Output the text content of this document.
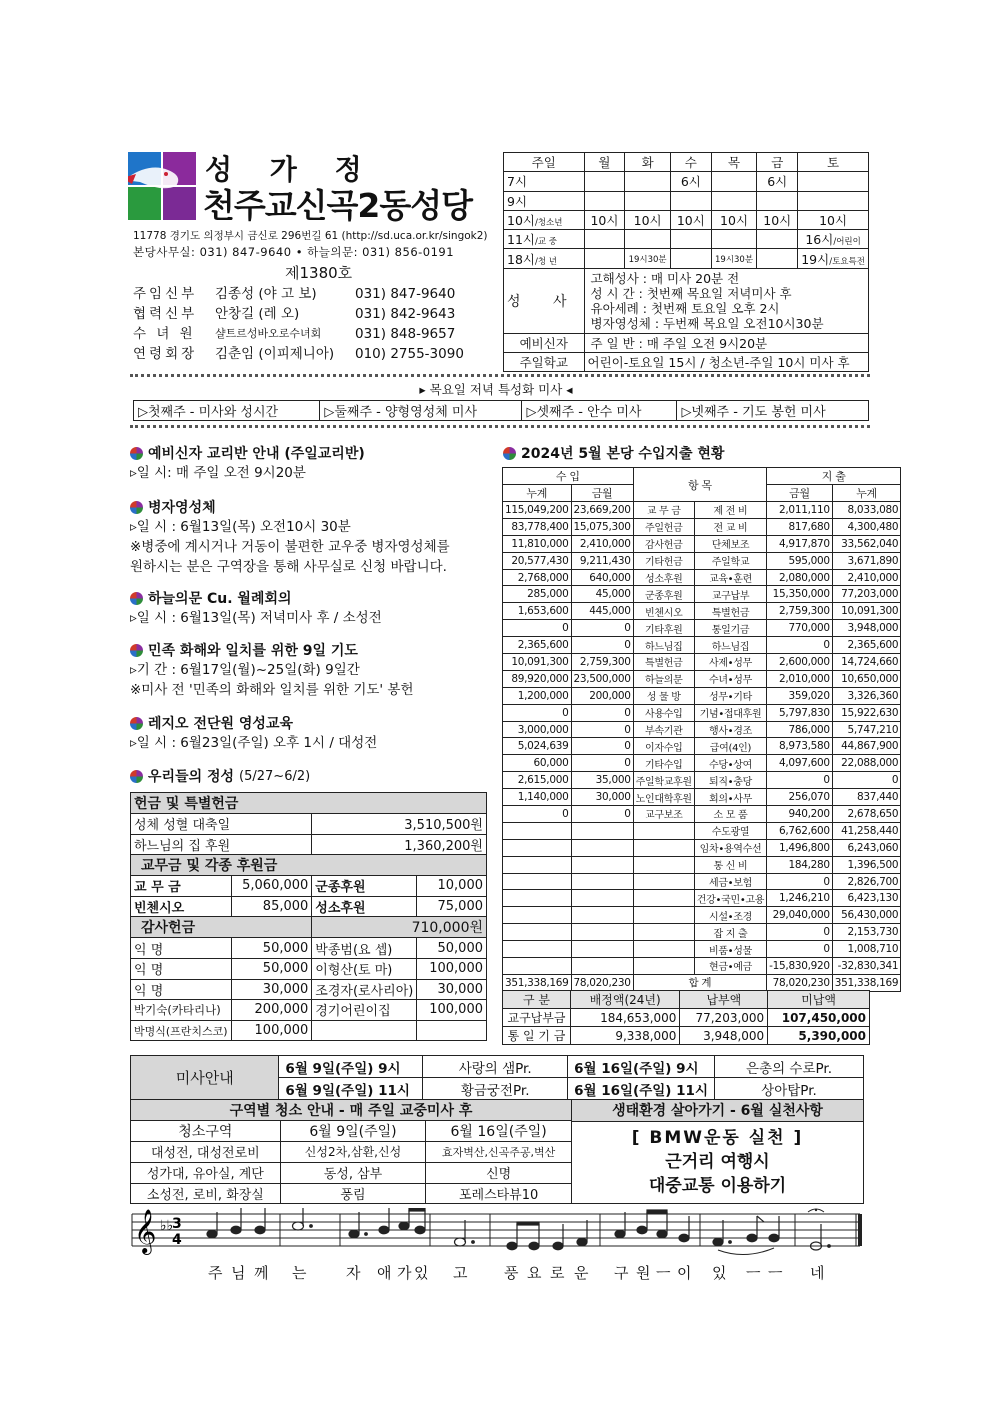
성 가 정
천주교신곡2동성당
11778 경기도 의정부시 금신로 296번길 61 (http://sd.uca.or.kr/singok2)
본당사무실: 031) 847-9640 • 하늘의문: 031) 856-0191
제1380호
주임신부	김종성 (야 고 보)	031) 847-9640
협력신부	안창길 (레 오)	031) 842-9643
수 녀 원	샬트르성바오로수녀회	031) 848-9657
연령회장	김춘임 (이피제니아)	010) 2755-3090
주일	월	화	수	목	금	토
7시			6시		6시	
9시						
10시/청소년	10시	10시	10시	10시	10시	10시
11시/교 중						16시/어린이
18시/청 년		19시30분		19시30분		19시/토요특전
성 사	고해성사 : 매 미사 20분 전
성 시 간 : 첫번째 목요일 저녁미사 후
유아세례 : 첫번째 토요일 오후 2시
병자영성체 : 두번째 목요일 오전10시30분					

예비신자	주 일 반 : 매 주일 오전 9시20분					
주일학교	어린이-토요일 15시 / 청소년-주일 10시 미사 후					
▸ 목요일 저녁 특성화 미사 ◂
▷첫째주 - 미사와 성시간	▷둘째주 - 양형영성체 미사	▷셋째주 - 안수 미사	▷넷째주 - 기도 봉헌 미사
예비신자 교리반 안내 (주일교리반)
▹일 시: 매 주일 오전 9시20분
병자영성체
▹일 시 : 6월13일(목) 오전10시 30분
※병중에 계시거나 거동이 불편한 교우중 병자영성체를
원하시는 분은 구역장을 통해 사무실로 신청 바랍니다.
하늘의문 Cu. 월례회의
▹일 시 : 6월13일(목) 저녁미사 후 / 소성전
민족 화해와 일치를 위한 9일 기도
▹기 간 : 6월17일(월)~25일(화) 9일간
※미사 전 '민족의 화해와 일치를 위한 기도' 봉헌
레지오 전단원 영성교육
▹일 시 : 6월23일(주일) 오후 1시 / 대성전
우리들의 정성 (5/27~6/2)
헌금 및 특별헌금			
성체 성혈 대축일		3,510,500원	
하느님의 집 후원		1,360,200원	
교무금 및 각종 후원금			
교 무 금	5,060,000	군종후원	10,000
빈첸시오	85,000	성소후원	75,000
감사헌금		710,000원	
익 명	50,000	박종범(요 셉)	50,000
익 명	50,000	이형산(토 마)	100,000
익 명	30,000	조경자(로사리아)	30,000
박기숙(카타리나)	200,000	경기어린이집	100,000
박명식(프란치스코)	100,000		
2024년 5월 본당 수입지출 현황
수 입		항 목		지 출	
누계	금월			금월	누계
115,049,200	23,669,200	교 무 금	제 전 비	2,011,110	8,033,080
83,778,400	15,075,300	주일헌금	전 교 비	817,680	4,300,480
11,810,000	2,410,000	감사헌금	단체보조	4,917,870	33,562,040
20,577,430	9,211,430	기타헌금	주일학교	595,000	3,671,890
2,768,000	640,000	성소후원	교육•훈련	2,080,000	2,410,000
285,000	45,000	군종후원	교구납부	15,350,000	77,203,000
1,653,600	445,000	빈첸시오	특별헌금	2,759,300	10,091,300
0	0	기타후원	통일기금	770,000	3,948,000
2,365,600	0	하느님집	하느님집	0	2,365,600
10,091,300	2,759,300	특별헌금	사제•성무	2,600,000	14,724,660
89,920,000	23,500,000	하늘의문	수녀•성무	2,010,000	10,650,000
1,200,000	200,000	성 물 방	성무•기타	359,020	3,326,360
0	0	사용수입	기념•접대후원	5,797,830	15,922,630
3,000,000	0	부속기관	행사•경조	786,000	5,747,210
5,024,639	0	이자수입	급여(4인)	8,973,580	44,867,900
60,000	0	기타수입	수당•상여	4,097,600	22,088,000
2,615,000	35,000	주일학교후원	퇴직•충당	0	0
1,140,000	30,000	노인대학후원	회의•사무	256,070	837,440
0	0	교구보조	소 모 품	940,200	2,678,650
			수도광열	6,762,600	41,258,440
			임차•용역수선	1,496,800	6,243,060
			통 신 비	184,280	1,396,500
			세금•보험	0	2,826,700
			건강•국민•고용	1,246,210	6,423,130
			시설•조경	29,040,000	56,430,000
			잡 지 출	0	2,153,730
			비품•성물	0	1,008,710
			현금•예금	-15,830,920	-32,830,341
351,338,169	78,020,230	합 계		78,020,230	351,338,169
구 분	배정액(24년)	납부액	미납액
교구납부금	184,653,000	77,203,000	107,450,000
통 일 기 금	9,338,000	3,948,000	5,390,000
미사안내	6월 9일(주일) 9시	사랑의 샘Pr.	6월 16일(주일) 9시	은총의 수로Pr.
	6월 9일(주일) 11시	황금궁전Pr.	6월 16일(주일) 11시	상아탑Pr.
구역별 청소 안내 - 매 주일 교중미사 후		
청소구역	6월 9일(주일)	6월 16일(주일)
대성전, 대성전로비	신성2차,삼환,신성	효자벽산,신곡주공,벽산
성가대, 유아실, 계단	동성, 삼부	신명
소성전, 로비, 화장실	풍림	포레스타뷰10
생태환경 살아가기 - 6월 실천사항
[ BMW운동 실천 ]
근거리 여행시
대중교통 이용하기
𝄞 ♭♭
3
4
주 님 께 는	자 애 가 있 고 풍 요 로 운 구 원 ㅡ 이 있 ㅡ ㅡ 네
